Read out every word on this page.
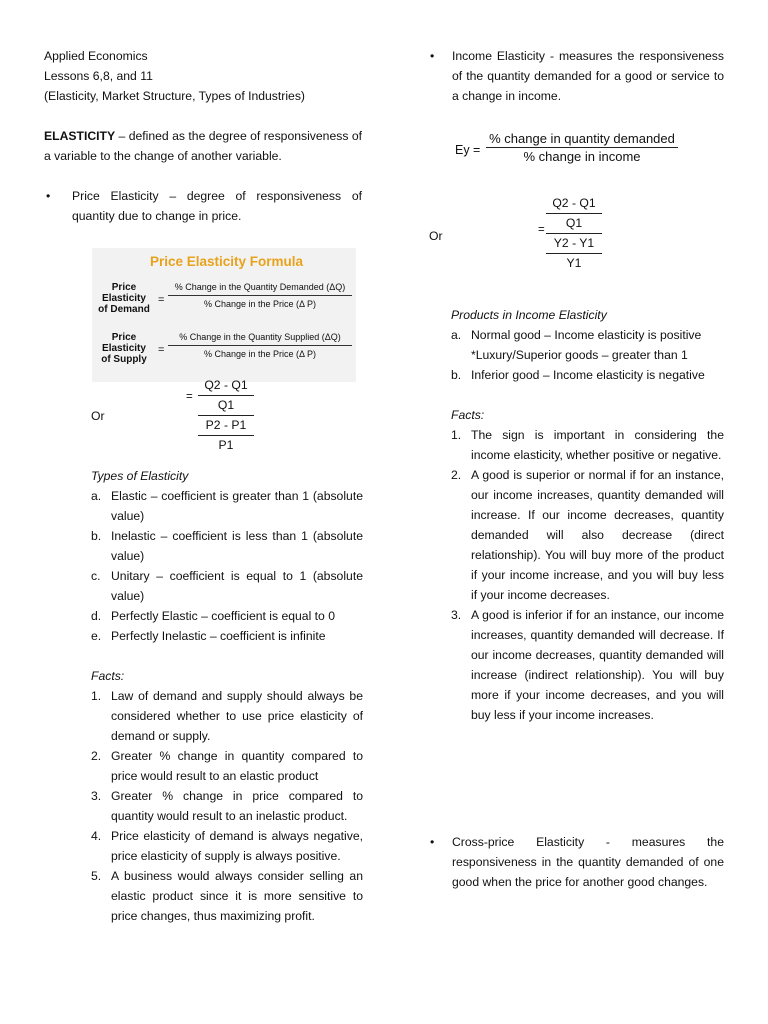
Applied Economics

Lessons 6,8, and 11

(Elasticity, Market Structure, Types of Industries)

ELASTICITY – defined as the degree of responsiveness of a variable to the change of another variable.

• Price Elasticity – degree of responsiveness of quantity due to change in price.
Price Elasticity Formula
Price
Elasticity
of Demand
=
% Change in the Quantity Demanded (ΔQ)
% Change in the Price (Δ P)
Price
Elasticity
of Supply
=
% Change in the Quantity Supplied (ΔQ)
% Change in the Price (Δ P)
Or
=
Q2 - Q1
Q1
P2 - P1
P1

Types of Elasticity

a. Elastic – coefficient is greater than 1 (absolute value)
b. Inelastic – coefficient is less than 1 (absolute value)
c. Unitary – coefficient is equal to 1 (absolute value)
d. Perfectly Elastic – coefficient is equal to 0
e. Perfectly Inelastic – coefficient is infinite

Facts:

1. Law of demand and supply should always be considered whether to use price elasticity of demand or supply.
2. Greater % change in quantity compared to price would result to an elastic product
3. Greater % change in price compared to quantity would result to an inelastic product.
4. Price elasticity of demand is always negative, price elasticity of supply is always positive.
5. A business would always consider selling an elastic product since it is more sensitive to price changes, thus maximizing profit.
• Income Elasticity - measures the responsiveness of the quantity demanded for a good or service to a change in income.
Ey =
% change in quantity demanded
% change in income
Or	=
Q2 - Q1
Q1
Y2 - Y1
Y1

Products in Income Elasticity

a. Normal good – Income elasticity is positive
*Luxury/Superior goods – greater than 1
b. Inferior good – Income elasticity is negative

Facts:

1. The sign is important in considering the income elasticity, whether positive or negative.
2. A good is superior or normal if for an instance, our income increases, quantity demanded will increase. If our income decreases, quantity demanded will also decrease (direct relationship). You will buy more of the product if your income increase, and you will buy less if your income decreases.
3. A good is inferior if for an instance, our income increases, quantity demanded will decrease. If our income decreases, quantity demanded will increase (indirect relationship). You will buy more if your income decreases, and you will buy less if your income increases.
• Cross-price Elasticity - measures the responsiveness in the quantity demanded of one good when the price for another good changes.
